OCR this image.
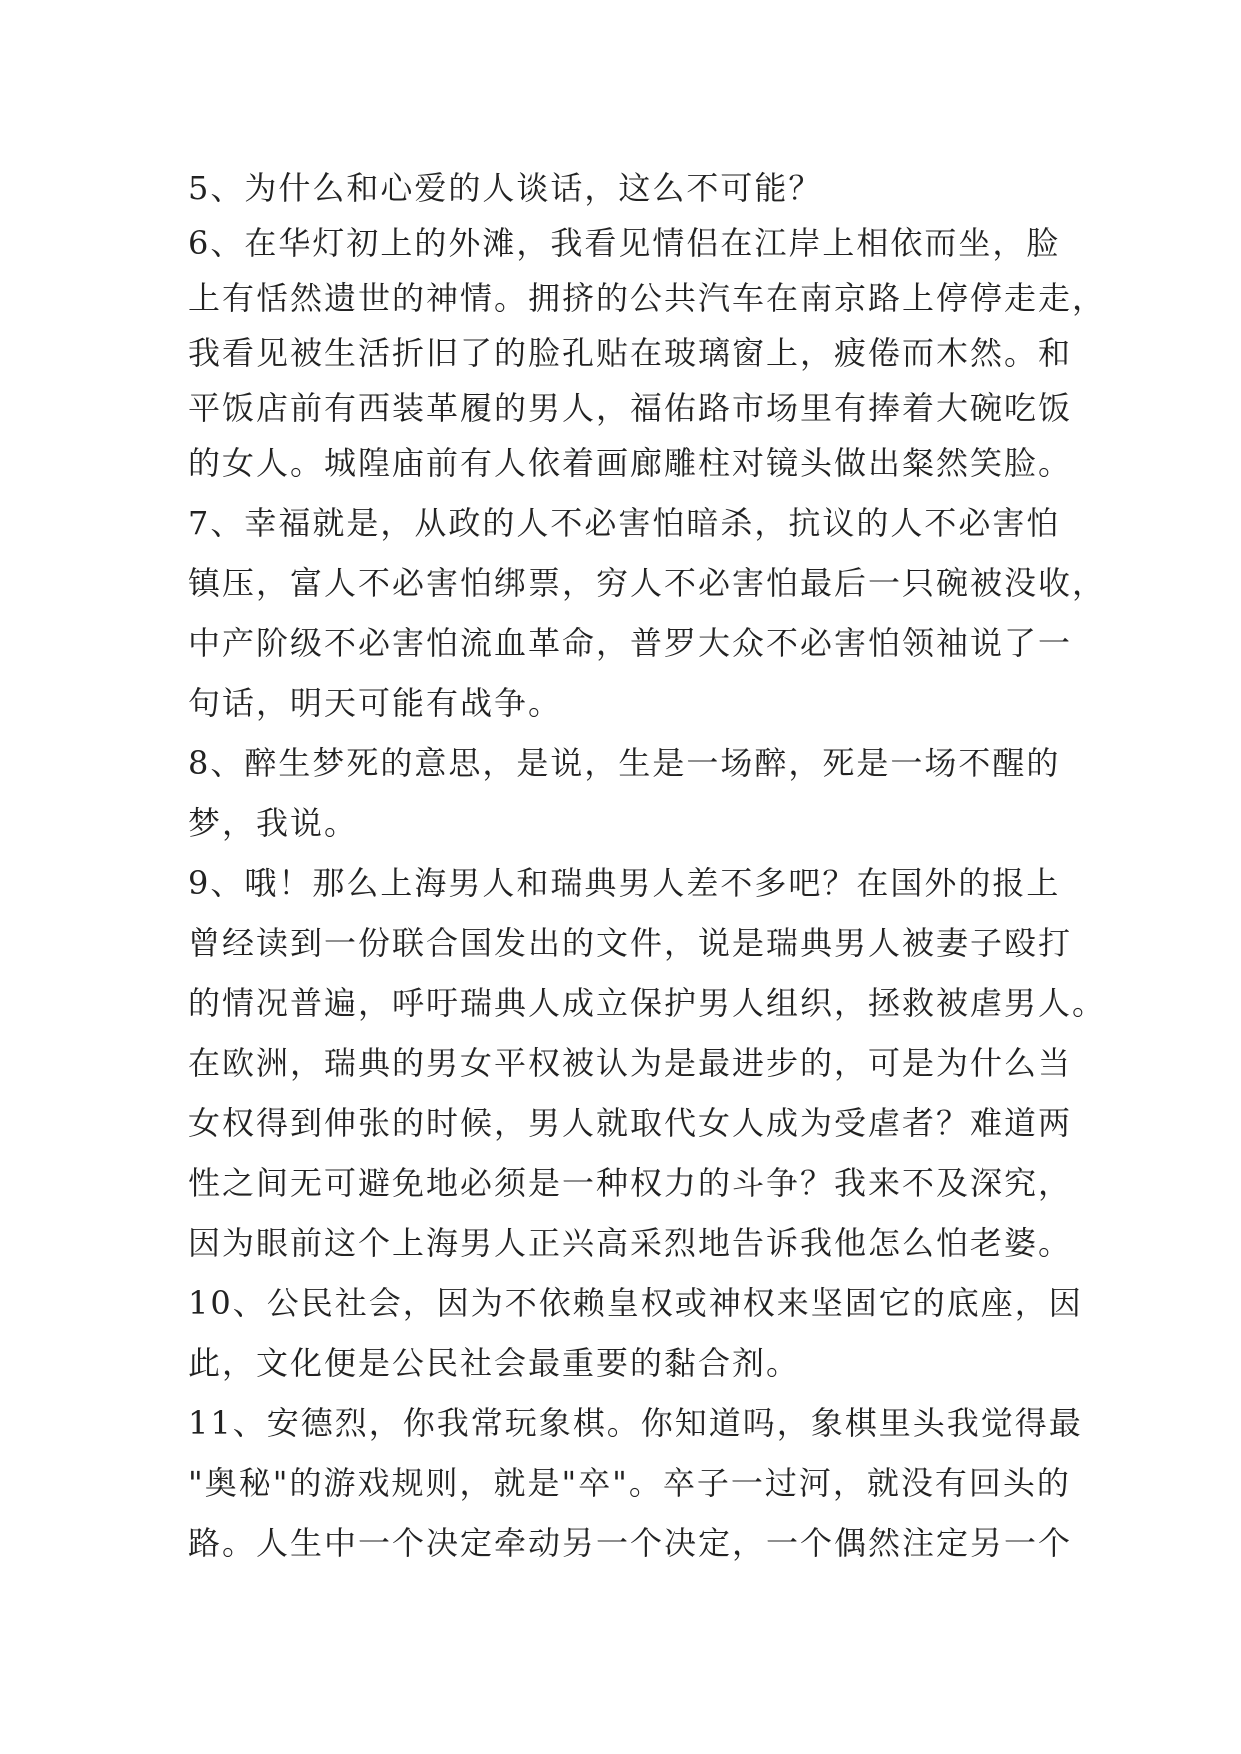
5、为什么和心爱的人谈话，这么不可能？

6、在华灯初上的外滩，我看见情侣在江岸上相依而坐，脸

上有恬然遗世的神情。拥挤的公共汽车在南京路上停停走走，

我看见被生活折旧了的脸孔贴在玻璃窗上，疲倦而木然。和

平饭店前有西装革履的男人，福佑路市场里有捧着大碗吃饭

的女人。城隍庙前有人依着画廊雕柱对镜头做出粲然笑脸。

7、幸福就是，从政的人不必害怕暗杀，抗议的人不必害怕

镇压，富人不必害怕绑票，穷人不必害怕最后一只碗被没收，

中产阶级不必害怕流血革命，普罗大众不必害怕领袖说了一

句话，明天可能有战争。

8、醉生梦死的意思，是说，生是一场醉，死是一场不醒的

梦，我说。

9、哦！那么上海男人和瑞典男人差不多吧？在国外的报上

曾经读到一份联合国发出的文件，说是瑞典男人被妻子殴打

的情况普遍，呼吁瑞典人成立保护男人组织，拯救被虐男人。

在欧洲，瑞典的男女平权被认为是最进步的，可是为什么当

女权得到伸张的时候，男人就取代女人成为受虐者？难道两

性之间无可避免地必须是一种权力的斗争？我来不及深究，

因为眼前这个上海男人正兴高采烈地告诉我他怎么怕老婆。

10、公民社会，因为不依赖皇权或神权来坚固它的底座，因

此，文化便是公民社会最重要的黏合剂。

11、安德烈，你我常玩象棋。你知道吗，象棋里头我觉得最

"奥秘"的游戏规则，就是"卒"。卒子一过河，就没有回头的

路。人生中一个决定牵动另一个决定，一个偶然注定另一个
